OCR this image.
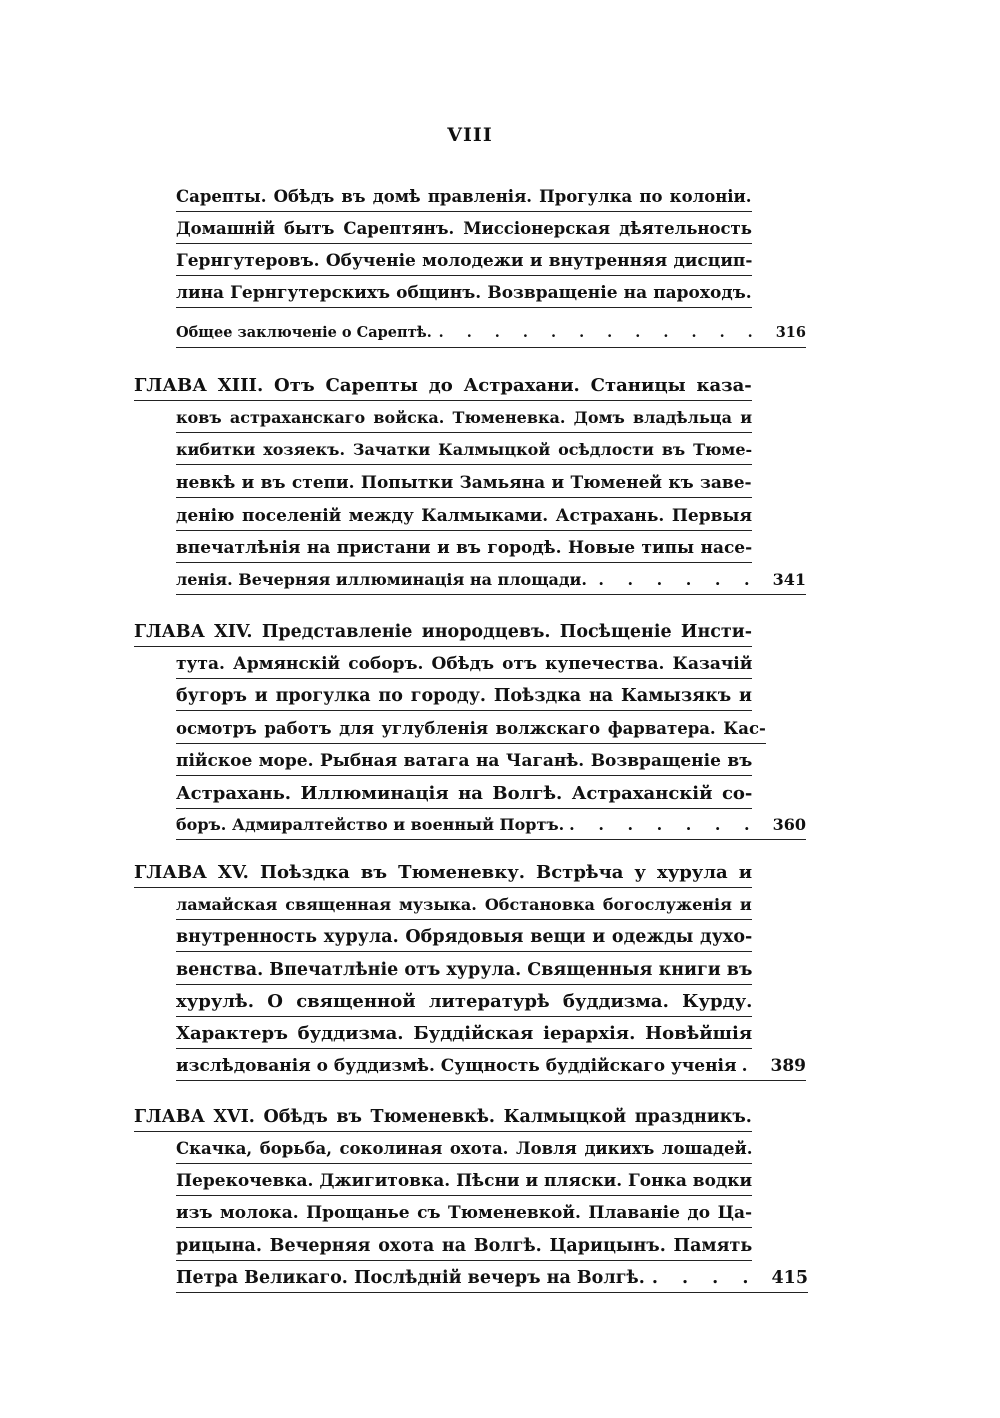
VIII
Сарепты. Обѣдъ въ домѣ правленія. Прогулка по колоніи.
Домашній бытъ Сарептянъ. Миссіонерская дѣятельность
Гернгутеровъ. Обученіе молодежи и внутренняя дисцип-
лина Гернгутерскихъ общинъ. Возвращеніе на пароходъ.
Общее заключеніе о Сарептѣ. . . . . . . . . . . . . 316
ГЛАВА XIII. Отъ Сарепты до Астрахани. Станицы каза-
ковъ астраханскаго войска. Тюменевка. Домъ владѣльца и
кибитки хозяекъ. Зачатки Калмыцкой осѣдлости въ Тюме-
невкѣ и въ степи. Попытки Замьяна и Тюменей къ заве-
денію поселеній между Калмыками. Астрахань. Первыя
впечатлѣнія на пристани и въ городѣ. Новые типы насе-
ленія. Вечерняя иллюминація на площади. . . . . . . 341
ГЛАВА XIV. Представленіе инородцевъ. Посѣщеніе Инсти-
тута. Армянскій соборъ. Обѣдъ отъ купечества. Казачій
бугоръ и прогулка по городу. Поѣздка на Камызякъ и
осмотръ работъ для углубленія волжскаго фарватера. Кас-
пійское море. Рыбная ватага на Чаганѣ. Возвращеніе въ
Астрахань. Иллюминація на Волгѣ. Астраханскій со-
боръ. Адмиралтейство и военный Портъ. . . . . . . . 360
ГЛАВА XV. Поѣздка въ Тюменевку. Встрѣча у хурула и
ламайская священная музыка. Обстановка богослуженія и
внутренность хурула. Обрядовыя вещи и одежды духо-
венства. Впечатлѣніе отъ хурула. Священныя книги въ
хурулѣ. О священной литературѣ буддизма. Курду.
Характеръ буддизма. Буддійская іерархія. Новѣйшія
изслѣдованія о буддизмѣ. Сущность буддійскаго ученія . 389
ГЛАВА XVI. Обѣдъ въ Тюменевкѣ. Калмыцкой праздникъ.
Скачка, борьба, соколиная охота. Ловля дикихъ лошадей.
Перекочевка. Джигитовка. Пѣсни и пляски. Гонка водки
изъ молока. Прощанье съ Тюменевкой. Плаваніе до Ца-
рицына. Вечерняя охота на Волгѣ. Царицынъ. Память
Петра Великаго. Послѣдній вечеръ на Волгѣ. . . . . 415
